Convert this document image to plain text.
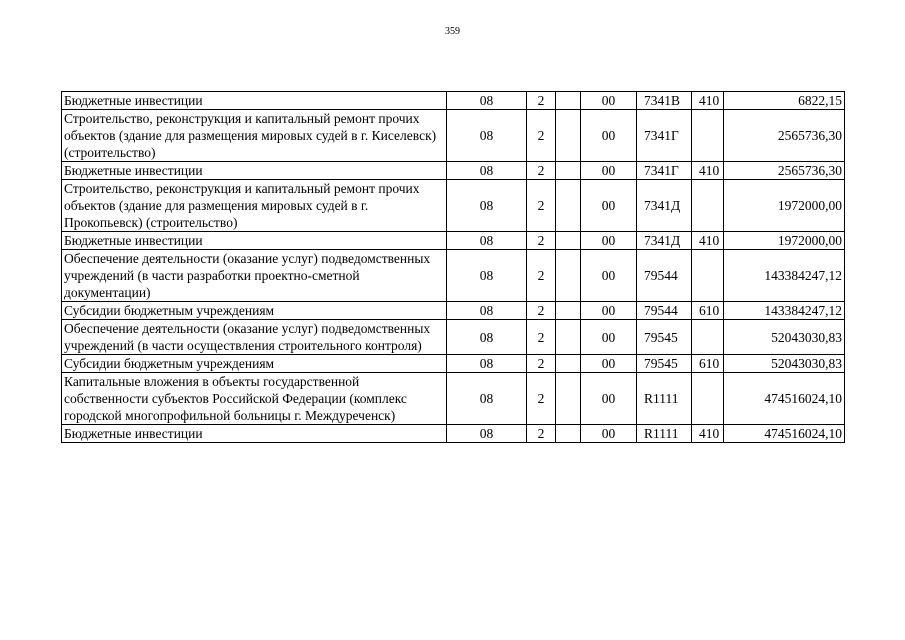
359
Бюджетные инвестиции	08	2		00	7341В	410	6822,15
Строительство, реконструкция и капитальный ремонт прочих объектов (здание для размещения мировых судей в г. Киселевск) (строительство)	08	2		00	7341Г		2565736,30
Бюджетные инвестиции	08	2		00	7341Г	410	2565736,30
Строительство, реконструкция и капитальный ремонт прочих объектов (здание для размещения мировых судей в г. Прокопьевск) (строительство)	08	2		00	7341Д		1972000,00
Бюджетные инвестиции	08	2		00	7341Д	410	1972000,00
Обеспечение деятельности (оказание услуг) подведомственных учреждений (в части разработки проектно-сметной документации)	08	2		00	79544		143384247,12
Субсидии бюджетным учреждениям	08	2		00	79544	610	143384247,12
Обеспечение деятельности (оказание услуг) подведомственных учреждений (в части осуществления строительного контроля)	08	2		00	79545		52043030,83
Субсидии бюджетным учреждениям	08	2		00	79545	610	52043030,83
Капитальные вложения в объекты государственной собственности субъектов Российской Федерации (комплекс городской многопрофильной больницы г. Междуреченск)	08	2		00	R1111		474516024,10
Бюджетные инвестиции	08	2		00	R1111	410	474516024,10
